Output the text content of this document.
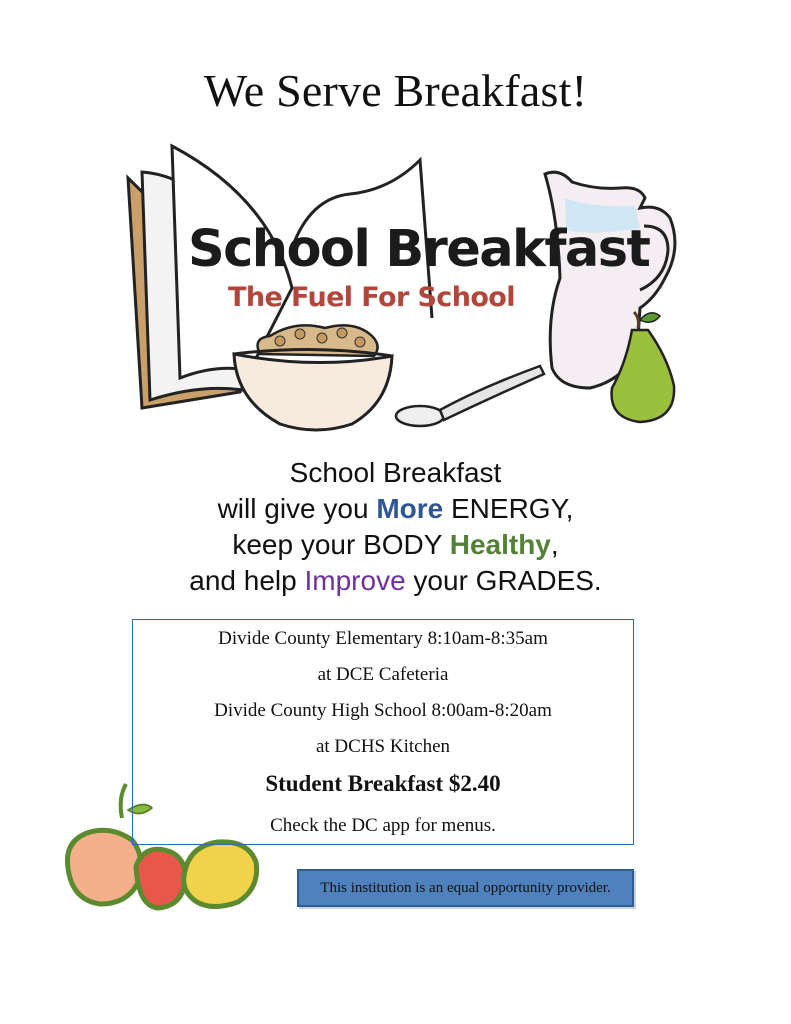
We Serve Breakfast!
School Breakfast
The Fuel For School
School Breakfast
will give you More ENERGY,
keep your BODY Healthy,
and help Improve your GRADES.
Divide County Elementary 8:10am-8:35am
at DCE Cafeteria
Divide County High School 8:00am-8:20am
at DCHS Kitchen
Student Breakfast $2.40
Check the DC app for menus.
This institution is an equal opportunity provider.
